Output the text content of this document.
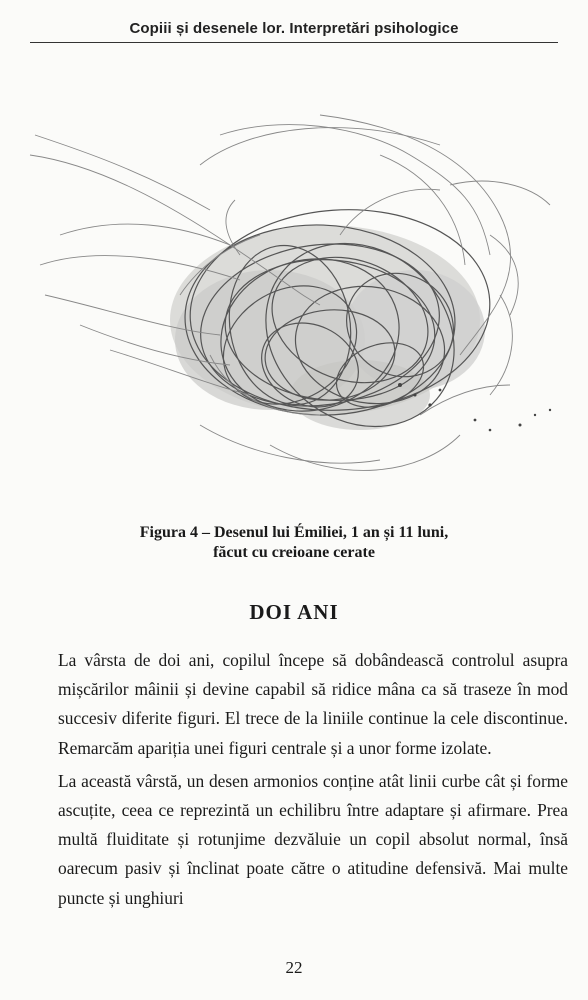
Copiii și desenele lor. Interpretări psihologice
Figura 4 – Desenul lui Émiliei, 1 an și 11 luni,
făcut cu creioane cerate
DOI ANI

La vârsta de doi ani, copilul începe să dobândească controlul asupra mișcărilor mâinii și devine capabil să ridice mâna ca să traseze în mod succesiv diferite figuri. El trece de la liniile continue la cele discontinue. Remarcăm apariția unei figuri centrale și a unor forme izolate.

La această vârstă, un desen armonios conține atât linii curbe cât și forme ascuțite, ceea ce reprezintă un echilibru între adaptare și afirmare. Prea multă fluiditate și rotunjime dezvăluie un copil absolut normal, însă oarecum pasiv și înclinat poate către o atitudine defensivă. Mai multe puncte și unghiuri

22
